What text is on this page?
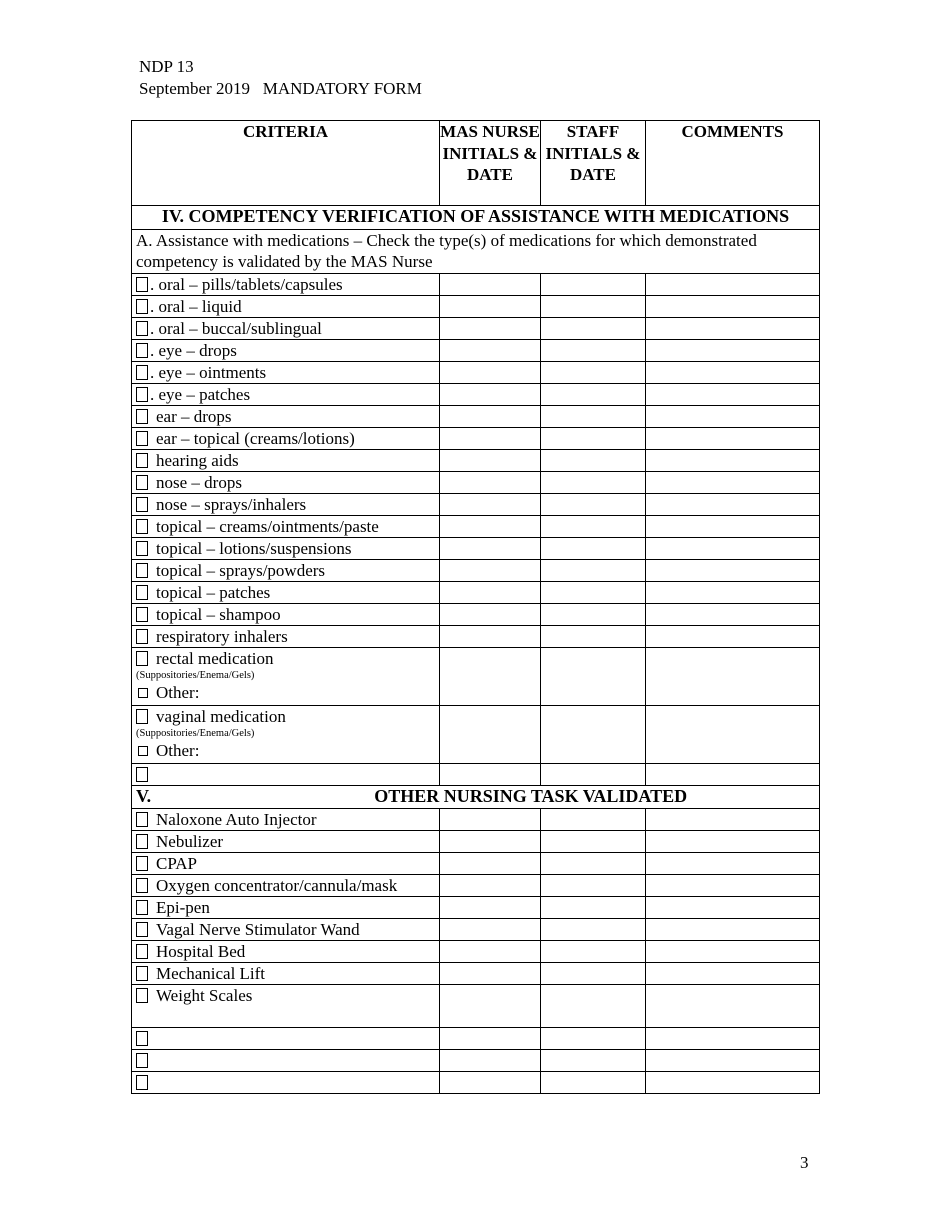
NDP 13
September 2019 MANDATORY FORM
CRITERIA	MAS NURSE INITIALS & DATE	STAFF INITIALS & DATE	COMMENTS
IV. COMPETENCY VERIFICATION OF ASSISTANCE WITH MEDICATIONS			
A. Assistance with medications – Check the type(s) of medications for which demonstrated competency is validated by the MAS Nurse			
. oral – pills/tablets/capsules			
. oral – liquid			
. oral – buccal/sublingual			
. eye – drops			
. eye – ointments			
. eye – patches			
ear – drops			
ear – topical (creams/lotions)			
hearing aids			
nose – drops			
nose – sprays/inhalers			
topical – creams/ointments/paste			
topical – lotions/suspensions			
topical – sprays/powders			
topical – patches			
topical – shampoo			
respiratory inhalers			
rectal medication
(Suppositories/Enema/Gels)
Other:			

vaginal medication
(Suppositories/Enema/Gels)
Other:			

V. OTHER NURSING TASK VALIDATED			
Naloxone Auto Injector			
Nebulizer			
CPAP			
Oxygen concentrator/cannula/mask			
Epi-pen			
Vagal Nerve Stimulator Wand			
Hospital Bed			
Mechanical Lift			
Weight Scales			

3
